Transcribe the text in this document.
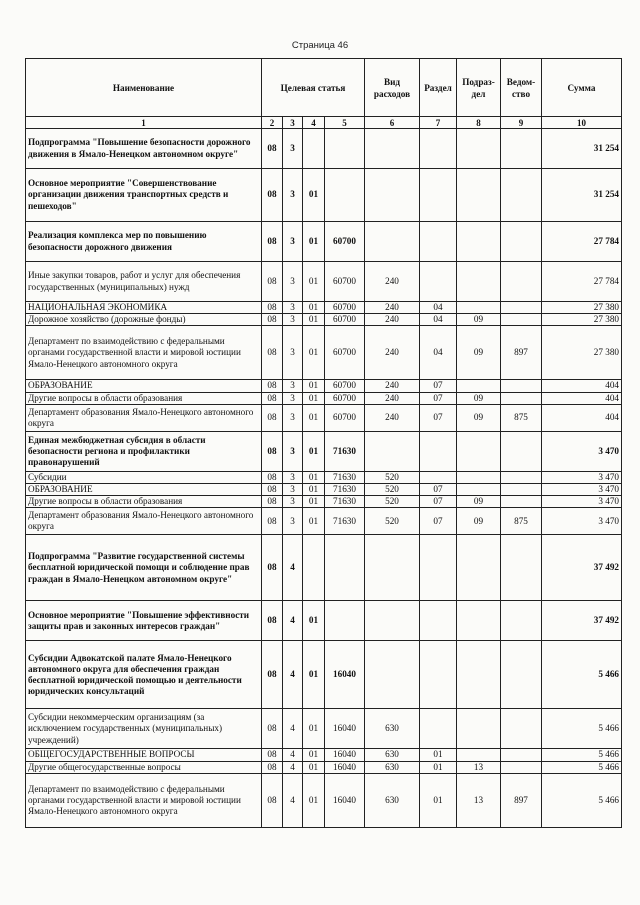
Страница 46
Наименование	Целевая статья				Вид расходов	Раздел	Подраз-дел	Ведом-ство	Сумма
1	2	3	4	5	6	7	8	9	10
Подпрограмма "Повышение безопасности дорожного движения в Ямало-Ненецком автономном округе"	08	3							31 254
Основное мероприятие "Совершенствование организации движения транспортных средств и пешеходов"	08	3	01						31 254
Реализация комплекса мер по повышению безопасности дорожного движения	08	3	01	60700					27 784
Иные закупки товаров, работ и услуг для обеспечения государственных (муниципальных) нужд	08	3	01	60700	240				27 784
НАЦИОНАЛЬНАЯ ЭКОНОМИКА	08	3	01	60700	240	04			27 380
Дорожное хозяйство (дорожные фонды)	08	3	01	60700	240	04	09		27 380
Департамент по взаимодействию с федеральными органами государственной власти и мировой юстиции Ямало-Ненецкого автономного округа	08	3	01	60700	240	04	09	897	27 380
ОБРАЗОВАНИЕ	08	3	01	60700	240	07			404
Другие вопросы в области образования	08	3	01	60700	240	07	09		404
Департамент образования Ямало-Ненецкого автономного округа	08	3	01	60700	240	07	09	875	404
Единая межбюджетная субсидия в области безопасности региона и профилактики правонарушений	08	3	01	71630					3 470
Субсидии	08	3	01	71630	520				3 470
ОБРАЗОВАНИЕ	08	3	01	71630	520	07			3 470
Другие вопросы в области образования	08	3	01	71630	520	07	09		3 470
Департамент образования Ямало-Ненецкого автономного округа	08	3	01	71630	520	07	09	875	3 470
Подпрограмма "Развитие государственной системы бесплатной юридической помощи и соблюдение прав граждан в Ямало-Ненецком автономном округе"	08	4							37 492
Основное мероприятие "Повышение эффективности защиты прав и законных интересов граждан"	08	4	01						37 492
Субсидии Адвокатской палате Ямало-Ненецкого автономного округа для обеспечения граждан бесплатной юридической помощью и деятельности юридических консультаций	08	4	01	16040					5 466
Субсидии некоммерческим организациям (за исключением государственных (муниципальных) учреждений)	08	4	01	16040	630				5 466
ОБЩЕГОСУДАРСТВЕННЫЕ ВОПРОСЫ	08	4	01	16040	630	01			5 466
Другие общегосударственные вопросы	08	4	01	16040	630	01	13		5 466
Департамент по взаимодействию с федеральными органами государственной власти и мировой юстиции Ямало-Ненецкого автономного округа	08	4	01	16040	630	01	13	897	5 466
